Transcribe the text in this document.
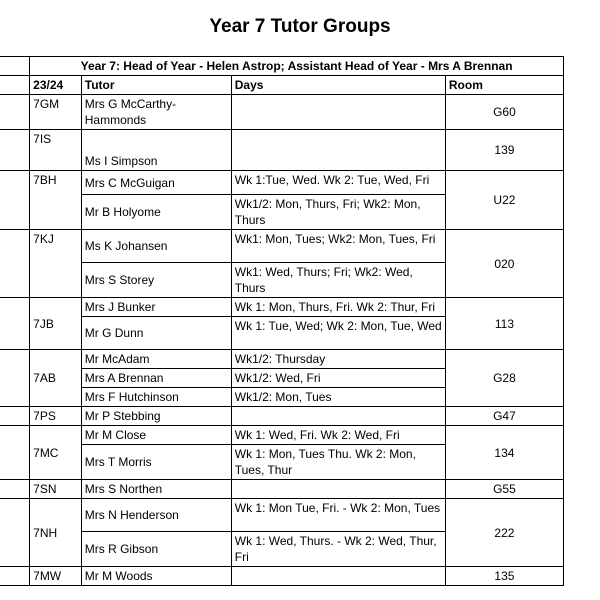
Year 7 Tutor Groups
	Year 7: Head of Year - Helen Astrop; Assistant Head of Year - Mrs A Brennan			
	23/24	Tutor	Days	Room
	7GM	Mrs G McCarthy-Hammonds		G60
	7IS	Ms I Simpson		139
	7BH	Mrs C McGuigan	Wk 1:Tue, Wed. Wk 2: Tue, Wed, Fri	U22
		Mr B Holyome	Wk1/2: Mon, Thurs, Fri; Wk2: Mon, Thurs	
	7KJ	Ms K Johansen	Wk1: Mon, Tues; Wk2: Mon, Tues, Fri	020
		Mrs S Storey	Wk1: Wed, Thurs; Fri; Wk2: Wed, Thurs	
	7JB	Mrs J Bunker	Wk 1: Mon, Thurs, Fri. Wk 2: Thur, Fri	113
		Mr G Dunn	Wk 1: Tue, Wed; Wk 2: Mon, Tue, Wed	
	7AB	Mr McAdam	Wk1/2: Thursday	G28
		Mrs A Brennan	Wk1/2: Wed, Fri	
		Mrs F Hutchinson	Wk1/2: Mon, Tues	
	7PS	Mr P Stebbing		G47
	7MC	Mr M Close	Wk 1: Wed, Fri. Wk 2: Wed, Fri	134
		Mrs T Morris	Wk 1: Mon, Tues Thu. Wk 2: Mon, Tues, Thur	
	7SN	Mrs S Northen		G55
	7NH	Mrs N Henderson	Wk 1: Mon Tue, Fri. - Wk 2: Mon, Tues	222
		Mrs R Gibson	Wk 1: Wed, Thurs. - Wk 2: Wed, Thur, Fri	
	7MW	Mr M Woods		135
